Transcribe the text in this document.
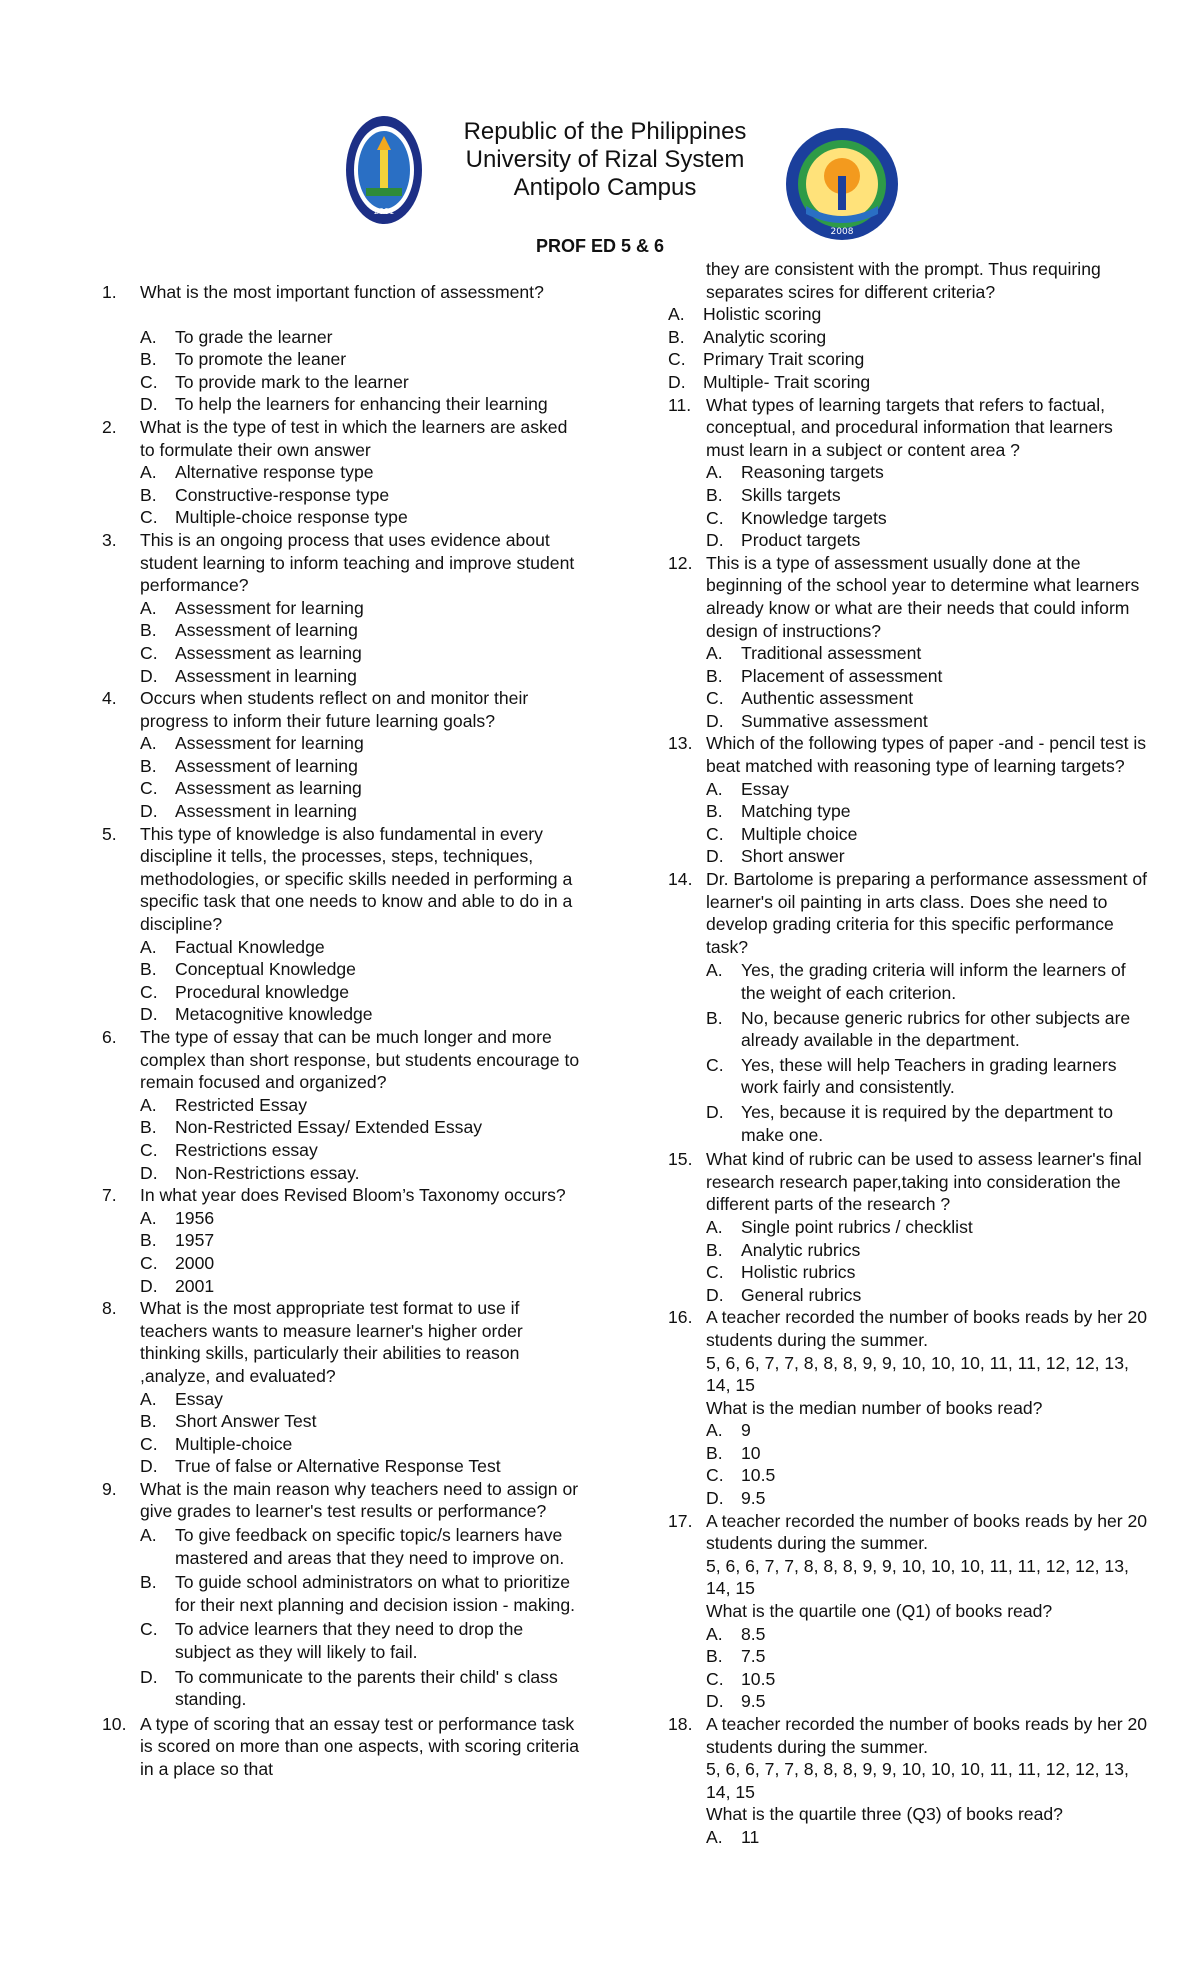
2001
Republic of the Philippines
University of Rizal System
Antipolo Campus
2008
PROF ED 5 & 6
1.	What is the most important function of assessment?
A. To grade the learner
B. To promote the leaner
C. To provide mark to the learner
D. To help the learners for enhancing their learning
2.	What is the type of test in which the learners are asked to formulate their own answer
A. Alternative response type
B. Constructive-response type
C. Multiple-choice response type
3.	This is an ongoing process that uses evidence about student learning to inform teaching and improve student performance?
A. Assessment for learning
B. Assessment of learning
C. Assessment as learning
D. Assessment in learning
4.	Occurs when students reflect on and monitor their progress to inform their future learning goals?
A. Assessment for learning
B. Assessment of learning
C. Assessment as learning
D. Assessment in learning
5.	This type of knowledge is also fundamental in every discipline it tells, the processes, steps, techniques, methodologies, or specific skills needed in performing a specific task that one needs to know and able to do in a discipline?
A. Factual Knowledge
B. Conceptual Knowledge
C. Procedural knowledge
D. Metacognitive knowledge
6.	The type of essay that can be much longer and more complex than short response, but students encourage to remain focused and organized?
A. Restricted Essay
B. Non-Restricted Essay/ Extended Essay
C. Restrictions essay
D. Non-Restrictions essay.
7.	In what year does Revised Bloom’s Taxonomy occurs?
A. 1956
B. 1957
C. 2000
D. 2001
8.	What is the most appropriate test format to use if teachers wants to measure learner's higher order thinking skills, particularly their abilities to reason ,analyze, and evaluated?
A. Essay
B. Short Answer Test
C. Multiple-choice
D. True of false or Alternative Response Test
9.	What is the main reason why teachers need to assign or give grades to learner's test results or performance?
A. To give feedback on specific topic/s learners have mastered and areas that they need to improve on.
B. To guide school administrators on what to prioritize for their next planning and decision ission - making.
C. To advice learners that they need to drop the subject as they will likely to fail.
D. To communicate to the parents their child' s class standing.
10. A type of scoring that an essay test or performance task is scored on more than one aspects, with scoring criteria in a place so that
they are consistent with the prompt. Thus requiring separates scires for different criteria?
A. Holistic scoring
B. Analytic scoring
C. Primary Trait scoring
D. Multiple- Trait scoring
11. What types of learning targets that refers to factual, conceptual, and procedural information that learners must learn in a subject or content area ?
A. Reasoning targets
B. Skills targets
C. Knowledge targets
D. Product targets
12. This is a type of assessment usually done at the beginning of the school year to determine what learners already know or what are their needs that could inform design of instructions?
A. Traditional assessment
B. Placement of assessment
C. Authentic assessment
D. Summative assessment
13. Which of the following types of paper -and - pencil test is beat matched with reasoning type of learning targets?
A. Essay
B. Matching type
C. Multiple choice
D. Short answer
14. Dr. Bartolome is preparing a performance assessment of learner's oil painting in arts class. Does she need to develop grading criteria for this specific performance task?
A. Yes, the grading criteria will inform the learners of the weight of each criterion.
B. No, because generic rubrics for other subjects are already available in the department.
C. Yes, these will help Teachers in grading learners work fairly and consistently.
D. Yes, because it is required by the department to make one.
15. What kind of rubric can be used to assess learner's final research research paper,taking into consideration the different parts of the research ?
A. Single point rubrics / checklist
B. Analytic rubrics
C. Holistic rubrics
D. General rubrics
16. A teacher recorded the number of books reads by her 20 students during the summer.
5, 6, 6, 7, 7, 8, 8, 8, 9, 9, 10, 10, 10, 11, 11, 12, 12, 13, 14, 15
What is the median number of books read?
A. 9
B. 10
C. 10.5
D. 9.5
17. A teacher recorded the number of books reads by her 20 students during the summer.
5, 6, 6, 7, 7, 8, 8, 8, 9, 9, 10, 10, 10, 11, 11, 12, 12, 13, 14, 15
What is the quartile one (Q1) of books read?
A. 8.5
B. 7.5
C. 10.5
D. 9.5
18. A teacher recorded the number of books reads by her 20 students during the summer.
5, 6, 6, 7, 7, 8, 8, 8, 9, 9, 10, 10, 10, 11, 11, 12, 12, 13, 14, 15
What is the quartile three (Q3) of books read?
A. 11
